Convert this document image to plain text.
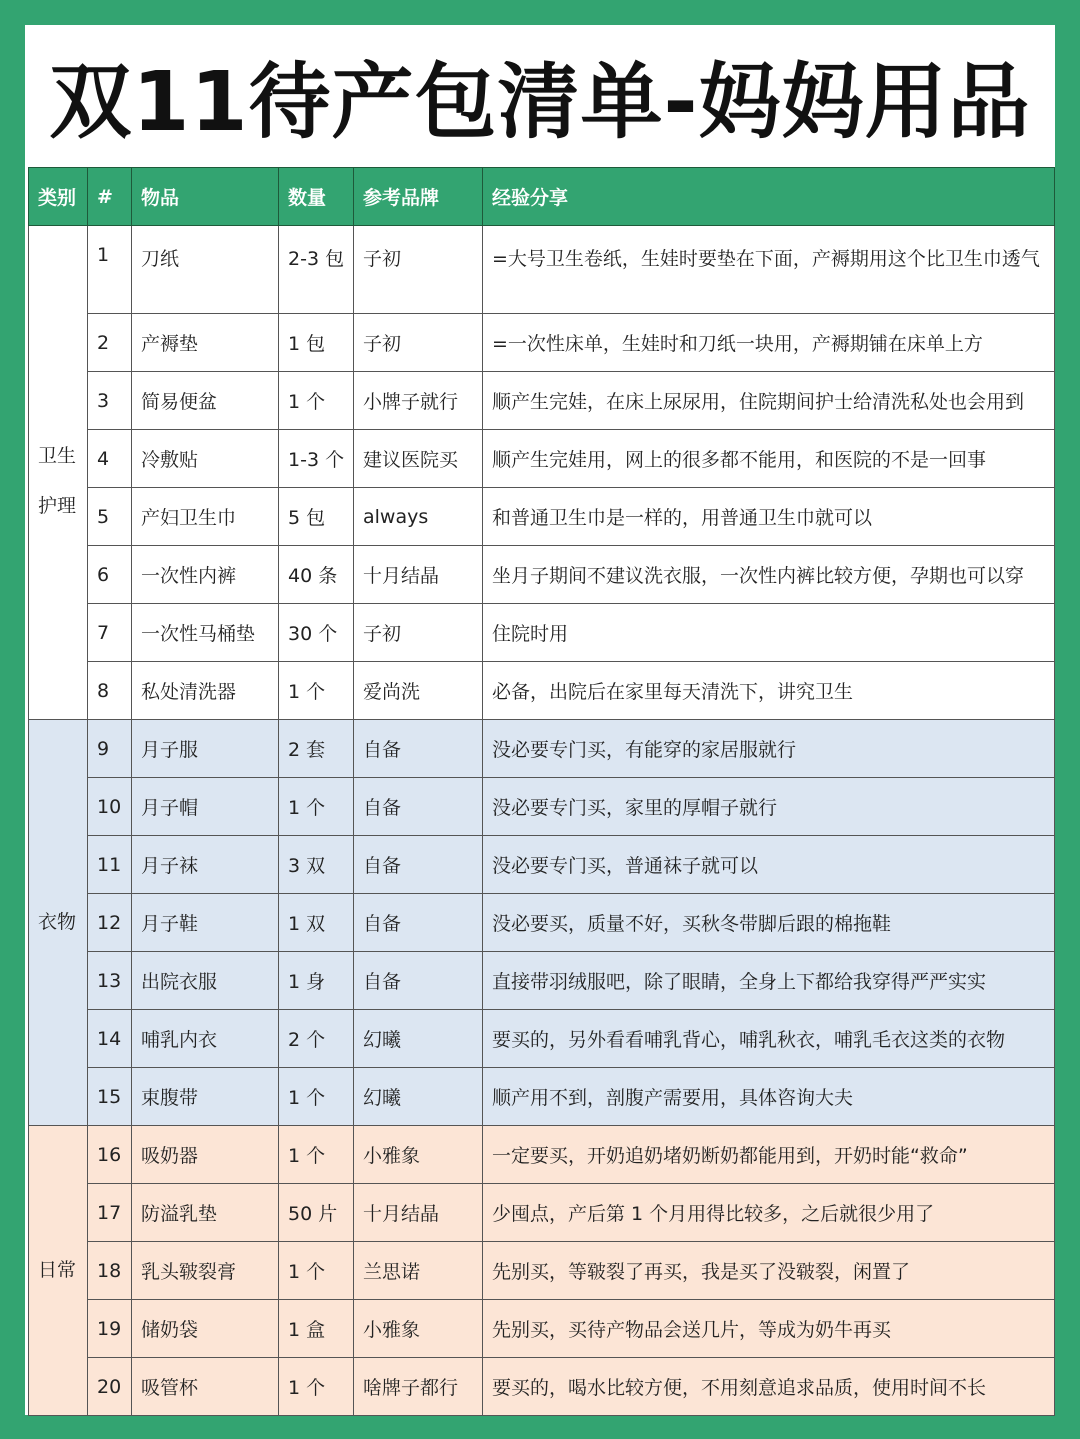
双11待产包清单-妈妈用品
类别	#	物品	数量	参考品牌	经验分享
卫生
护理	1	刀纸	2-3 包	子初	=大号卫生卷纸，生娃时要垫在下面，产褥期用这个比卫生巾透气
	2	产褥垫	1 包	子初	=一次性床单，生娃时和刀纸一块用，产褥期铺在床单上方
	3	简易便盆	1 个	小牌子就行	顺产生完娃，在床上尿尿用，住院期间护士给清洗私处也会用到
	4	冷敷贴	1-3 个	建议医院买	顺产生完娃用，网上的很多都不能用，和医院的不是一回事
	5	产妇卫生巾	5 包	always	和普通卫生巾是一样的，用普通卫生巾就可以
	6	一次性内裤	40 条	十月结晶	坐月子期间不建议洗衣服，一次性内裤比较方便，孕期也可以穿
	7	一次性马桶垫	30 个	子初	住院时用
	8	私处清洗器	1 个	爱尚洗	必备，出院后在家里每天清洗下，讲究卫生
衣物	9	月子服	2 套	自备	没必要专门买，有能穿的家居服就行
	10	月子帽	1 个	自备	没必要专门买，家里的厚帽子就行
	11	月子袜	3 双	自备	没必要专门买，普通袜子就可以
	12	月子鞋	1 双	自备	没必要买，质量不好，买秋冬带脚后跟的棉拖鞋
	13	出院衣服	1 身	自备	直接带羽绒服吧，除了眼睛，全身上下都给我穿得严严实实
	14	哺乳内衣	2 个	幻曦	要买的，另外看看哺乳背心，哺乳秋衣，哺乳毛衣这类的衣物
	15	束腹带	1 个	幻曦	顺产用不到，剖腹产需要用，具体咨询大夫
日常	16	吸奶器	1 个	小雅象	一定要买，开奶追奶堵奶断奶都能用到，开奶时能“救命”
	17	防溢乳垫	50 片	十月结晶	少囤点，产后第 1 个月用得比较多，之后就很少用了
	18	乳头皲裂膏	1 个	兰思诺	先别买，等皲裂了再买，我是买了没皲裂，闲置了
	19	储奶袋	1 盒	小雅象	先别买，买待产物品会送几片，等成为奶牛再买
	20	吸管杯	1 个	啥牌子都行	要买的，喝水比较方便，不用刻意追求品质，使用时间不长
